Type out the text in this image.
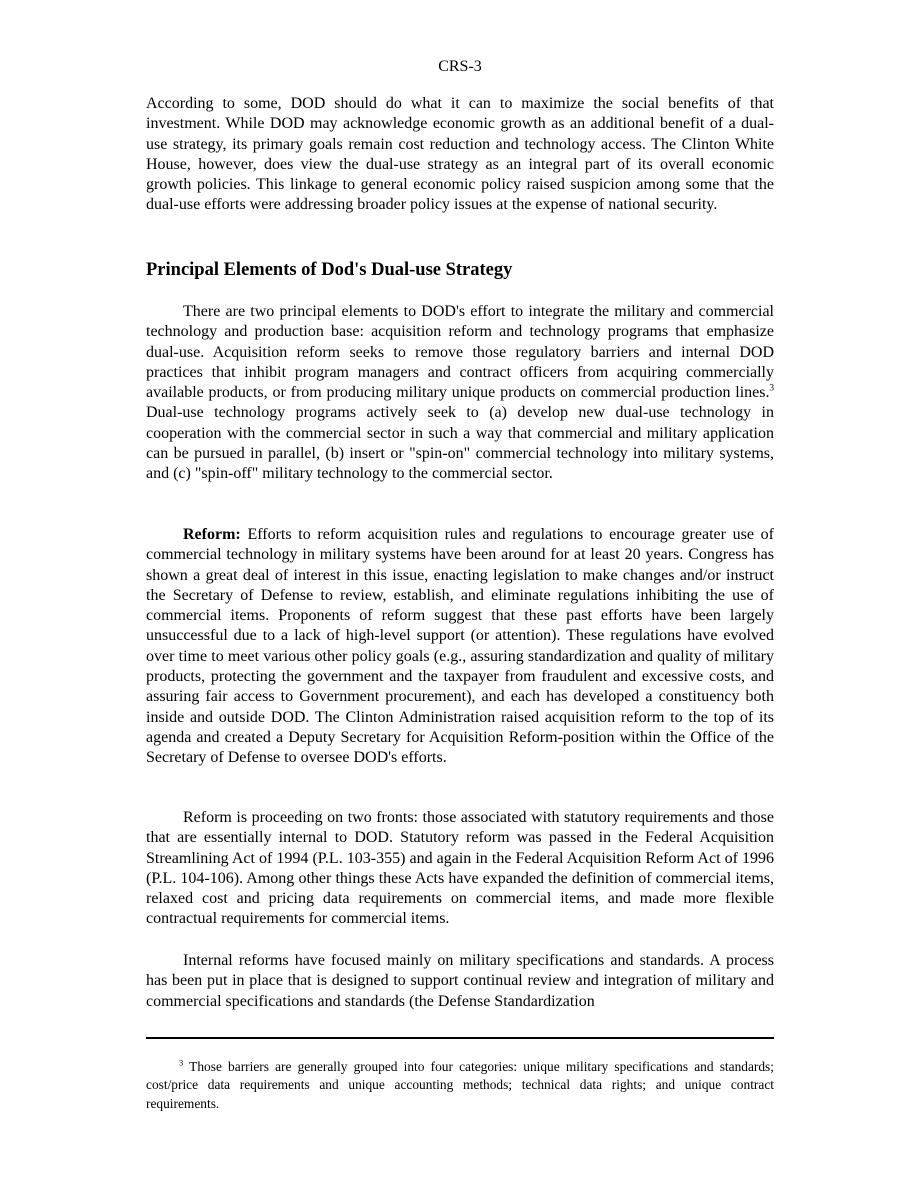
CRS-3

According to some, DOD should do what it can to maximize the social benefits of that investment. While DOD may acknowledge economic growth as an additional benefit of a dual-use strategy, its primary goals remain cost reduction and technology access. The Clinton White House, however, does view the dual-use strategy as an integral part of its overall economic growth policies. This linkage to general economic policy raised suspicion among some that the dual-use efforts were addressing broader policy issues at the expense of national security.

Principal Elements of Dod's Dual-use Strategy

There are two principal elements to DOD's effort to integrate the military and commercial technology and production base: acquisition reform and technology programs that emphasize dual-use. Acquisition reform seeks to remove those regulatory barriers and internal DOD practices that inhibit program managers and contract officers from acquiring commercially available products, or from producing military unique products on commercial production lines.$^3$ Dual-use technology programs actively seek to (a) develop new dual-use technology in cooperation with the commercial sector in such a way that commercial and military application can be pursued in parallel, (b) insert or "spin-on" commercial technology into military systems, and (c) "spin-off" military technology to the commercial sector.

Reform: Efforts to reform acquisition rules and regulations to encourage greater use of commercial technology in military systems have been around for at least 20 years. Congress has shown a great deal of interest in this issue, enacting legislation to make changes and/or instruct the Secretary of Defense to review, establish, and eliminate regulations inhibiting the use of commercial items. Proponents of reform suggest that these past efforts have been largely unsuccessful due to a lack of high-level support (or attention). These regulations have evolved over time to meet various other policy goals (e.g., assuring standardization and quality of military products, protecting the government and the taxpayer from fraudulent and excessive costs, and assuring fair access to Government procurement), and each has developed a constituency both inside and outside DOD. The Clinton Administration raised acquisition reform to the top of its agenda and created a Deputy Secretary for Acquisition Reform-position within the Office of the Secretary of Defense to oversee DOD's efforts.

Reform is proceeding on two fronts: those associated with statutory requirements and those that are essentially internal to DOD. Statutory reform was passed in the Federal Acquisition Streamlining Act of 1994 (P.L. 103-355) and again in the Federal Acquisition Reform Act of 1996 (P.L. 104-106). Among other things these Acts have expanded the definition of commercial items, relaxed cost and pricing data requirements on commercial items, and made more flexible contractual requirements for commercial items.

Internal reforms have focused mainly on military specifications and standards. A process has been put in place that is designed to support continual review and integration of military and commercial specifications and standards (the Defense Standardization

$^3$ Those barriers are generally grouped into four categories: unique military specifications and standards; cost/price data requirements and unique accounting methods; technical data rights; and unique contract requirements.
